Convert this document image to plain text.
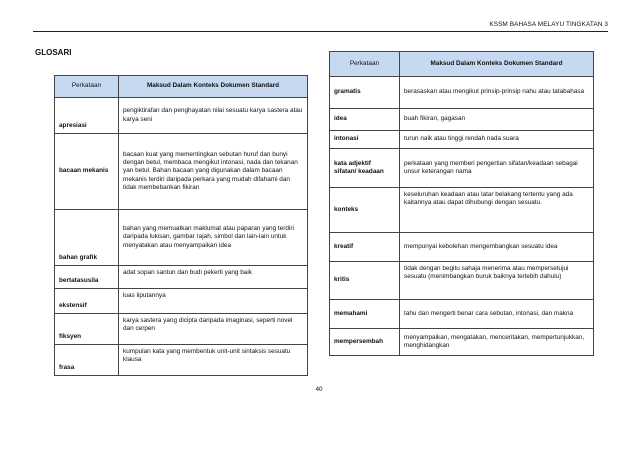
KSSM BAHASA MELAYU TINGKATAN 3
GLOSARI
Perkataan	Maksud Dalam Konteks Dokumen Standard
apresiasi	pengiktirafan dan penghayatan nilai sesuatu karya sastera atau karya seni
bacaan mekanis	bacaan kuat yang mementingkan sebutan huruf dan bunyi dengan betul, membaca mengikut intonasi, nada dan tekanan yan betul. Bahan bacaan yang digunakan dalam bacaan mekanis terdiri daripada perkara yang mudah difahami dan tidak membebankan fikiran
bahan grafik	bahan yang memuatkan maklumat atau paparan yang terdiri daripada lukisan, gambar rajah, simbol dan lain-lain untuk menyatakan atau menyampaikan idea
bertatasusila	adat sopan santun dan budi pekerti yang baik
ekstensif	luas liputannya
fiksyen	karya sastera yang dicipta daripada imaginasi, seperti novel dan cerpen
frasa	kumpulan kata yang membentuk unit-unit sintaksis sesuatu klausa
Perkataan	Maksud Dalam Konteks Dokumen Standard
gramatis	berasaskan atau mengikut prinsip-prinsip nahu atau tatabahasa
idea	buah fikiran, gagasan
intonasi	turun naik atau tinggi rendah nada suara
kata adjektif sifatan/ keadaan	perkataan yang memberi pengertian sifatan/keadaan sebagai unsur keterangan nama
konteks	keseluruhan keadaan atau latar belakang tertentu yang ada kaitannya atau dapat dihubungi dengan sesuatu.
kreatif	mempunyai kebolehan mengembangkan sesuatu idea
kritis	tidak dengan begitu sahaja menerima atau mempersetujui sesuatu (menimbangkan buruk baiknya terlebih dahulu)
memahami	tahu dan mengerti benar cara sebutan, intonasi, dan makna
mempersembah	menyampaikan, mengatakan, menceritakan, mempertunjukkan, menghidangkan
40
